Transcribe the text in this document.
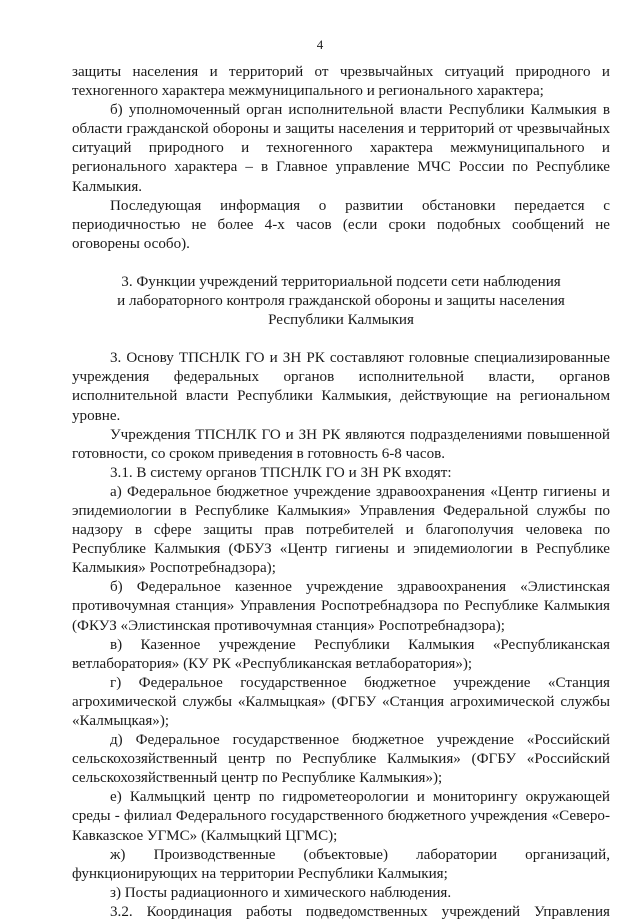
4

защиты населения и территорий от чрезвычайных ситуаций природного и техногенного характера межмуниципального и регионального характера;

б) уполномоченный орган исполнительной власти Республики Калмыкия в области гражданской обороны и защиты населения и территорий от чрезвычайных ситуаций природного и техногенного характера межмуниципального и регионального характера – в Главное управление МЧС России по Республике Калмыкия.

Последующая информация о развитии обстановки передается с периодичностью не более 4-х часов (если сроки подобных сообщений не оговорены особо).

3. Функции учреждений территориальной подсети сети наблюдения
и лабораторного контроля гражданской обороны и защиты населения
Республики Калмыкия

3. Основу ТПСНЛК ГО и ЗН РК составляют головные специализированные учреждения федеральных органов исполнительной власти, органов исполнительной власти Республики Калмыкия, действующие на региональном уровне.

Учреждения ТПСНЛК ГО и ЗН РК являются подразделениями повышенной готовности, со сроком приведения в готовность 6-8 часов.

3.1. В систему органов ТПСНЛК ГО и ЗН РК входят:

а) Федеральное бюджетное учреждение здравоохранения «Центр гигиены и эпидемиологии в Республике Калмыкия» Управления Федеральной службы по надзору в сфере защиты прав потребителей и благополучия человека по Республике Калмыкия (ФБУЗ «Центр гигиены и эпидемиологии в Республике Калмыкия» Роспотребнадзора);

б) Федеральное казенное учреждение здравоохранения «Элистинская противочумная станция» Управления Роспотребнадзора по Республике Калмыкия (ФКУЗ «Элистинская противочумная станция» Роспотребнадзора);

в) Казенное учреждение Республики Калмыкия «Республиканская ветлаборатория» (КУ РК «Республиканская ветлаборатория»);

г) Федеральное государственное бюджетное учреждение «Станция агрохимической службы «Калмыцкая» (ФГБУ «Станция агрохимической службы «Калмыцкая»);

д) Федеральное государственное бюджетное учреждение «Российский сельскохозяйственный центр по Республике Калмыкия» (ФГБУ «Российский сельскохозяйственный центр по Республике Калмыкия»);

е) Калмыцкий центр по гидрометеорологии и мониторингу окружающей среды - филиал Федерального государственного бюджетного учреждения «Северо-Кавказское УГМС» (Калмыцкий ЦГМС);

ж) Производственные (объектовые) лаборатории организаций, функционирующих на территории Республики Калмыкия;

з) Посты радиационного и химического наблюдения.

3.2. Координация работы подведомственных учреждений Управления
